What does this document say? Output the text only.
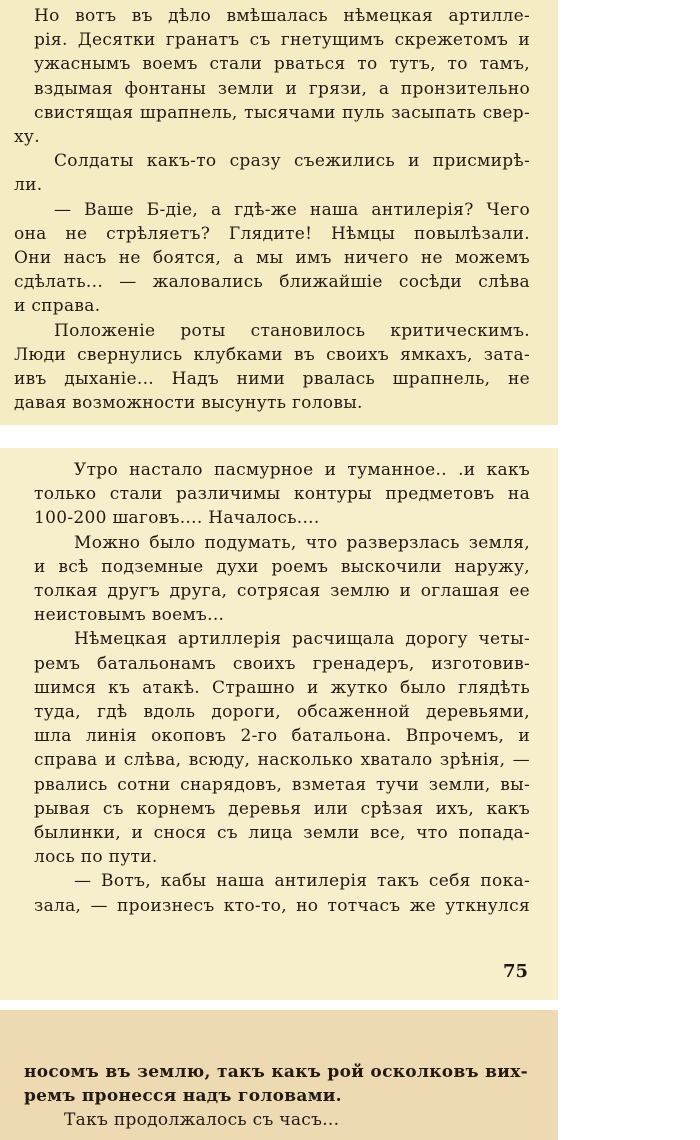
Но вотъ въ дѣло вмѣшалась нѣмецкая артилле-
рія. Десятки гранатъ съ гнетущимъ скрежетомъ и
ужаснымъ воемъ стали рваться то тутъ, то тамъ,
вздымая фонтаны земли и грязи, а пронзительно
свистящая шрапнель, тысячами пуль засыпать свер-
ху.

Солдаты какъ-то сразу съежились и присмирѣ-
ли.

— Ваше Б-діе, а гдѣ-же наша антилерія? Чего
она не стрѣляетъ? Глядите! Нѣмцы повылѣзали.
Они насъ не боятся, а мы имъ ничего не можемъ
сдѣлать... — жаловались ближайшіе сосѣди слѣва
и справа.

Положеніе роты становилось критическимъ.
Люди свернулись клубками въ своихъ ямкахъ, зата-
ивъ дыханіе... Надъ ними рвалась шрапнель, не
давая возможности высунуть головы.

Утро настало пасмурное и туманное.. .и какъ
только стали различимы контуры предметовъ на
100-200 шаговъ.... Началось....

Можно было подумать, что разверзлась земля,
и всѣ подземные духи роемъ выскочили наружу,
толкая другъ друга, сотрясая землю и оглашая ее
неистовымъ воемъ...

Нѣмецкая артиллерія расчищала дорогу четы-
ремъ батальонамъ своихъ гренадеръ, изготовив-
шимся къ атакѣ. Страшно и жутко было глядѣть
туда, гдѣ вдоль дороги, обсаженной деревьями,
шла линія окоповъ 2-го батальона. Впрочемъ, и
справа и слѣва, всюду, насколько хватало зрѣнія, —
рвались сотни снарядовъ, взметая тучи земли, вы-
рывая съ корнемъ деревья или срѣзая ихъ, какъ
былинки, и снося съ лица земли все, что попада-
лось по пути.

— Вотъ, кабы наша антилерія такъ себя пока-
зала, — произнесъ кто-то, но тотчасъ же уткнулся

75

носомъ въ землю, такъ какъ рой осколковъ вих-
ремъ пронесся надъ головами.

Такъ продолжалось съ часъ...
